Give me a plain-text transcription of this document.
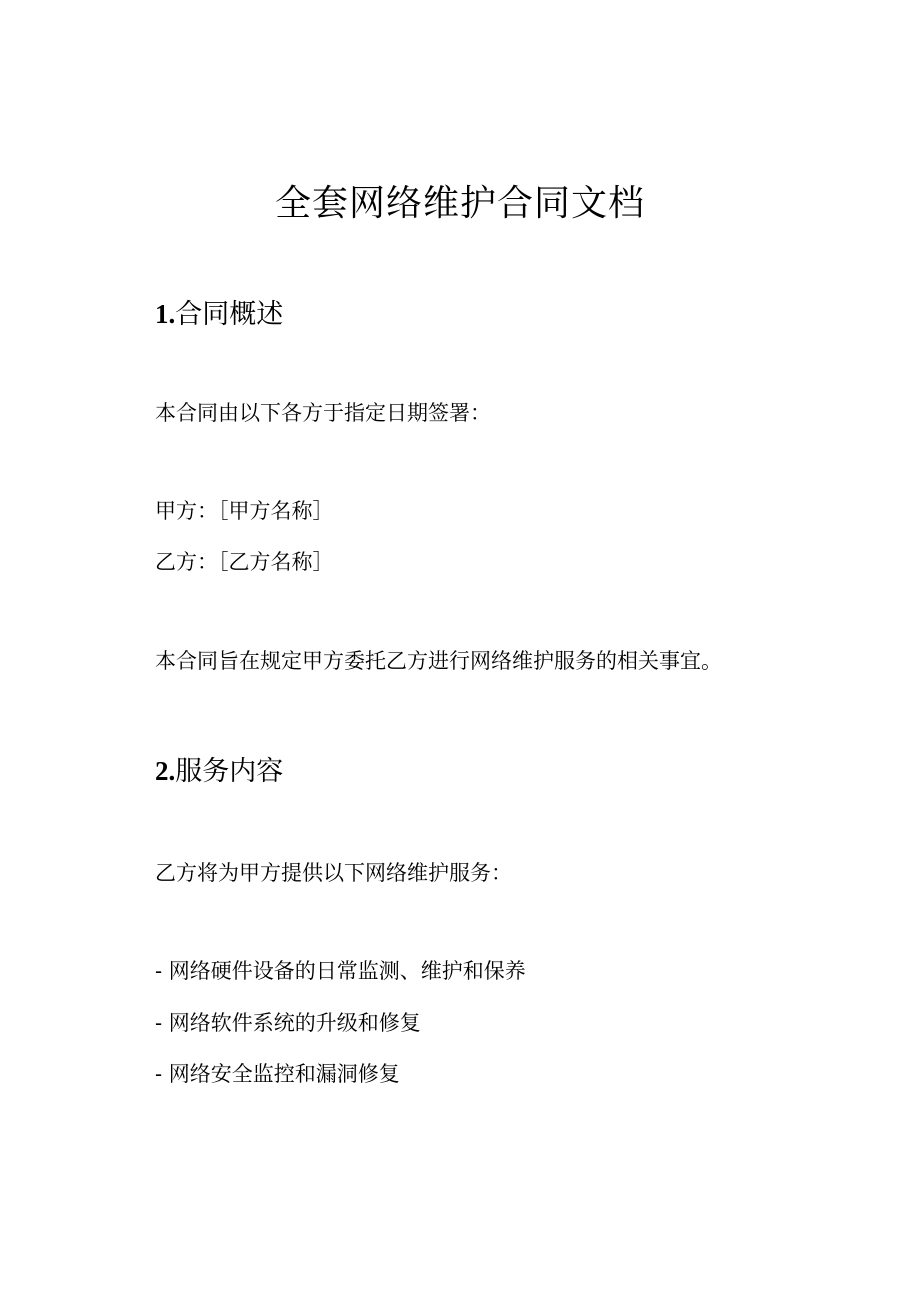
全套网络维护合同文档
1.合同概述
本合同由以下各方于指定日期签署：
甲方：［甲方名称］
乙方：［乙方名称］
本合同旨在规定甲方委托乙方进行网络维护服务的相关事宜。
2.服务内容
乙方将为甲方提供以下网络维护服务：
- 网络硬件设备的日常监测、维护和保养
- 网络软件系统的升级和修复
- 网络安全监控和漏洞修复
